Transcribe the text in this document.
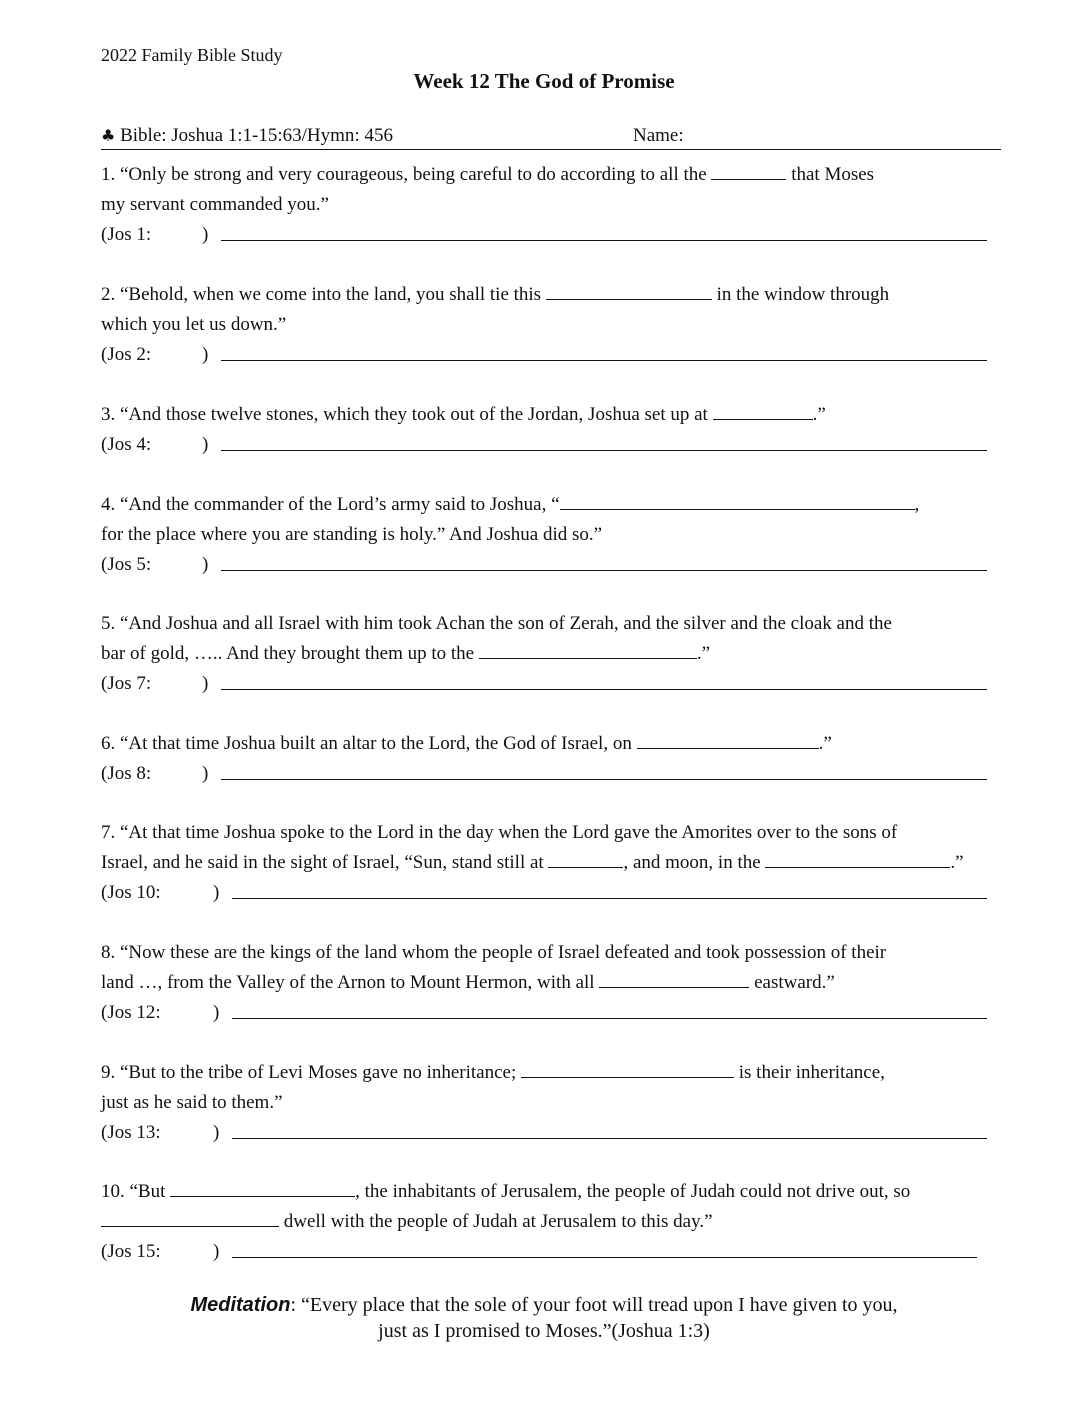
2022 Family Bible Study
Week 12 The God of Promise
♣ Bible: Joshua 1:1-15:63/Hymn: 456	Name:
1. “Only be strong and very courageous, being careful to do according to all the	that Moses
my servant commanded you.”
(Jos 1:	)
2. “Behold, when we come into the land, you shall tie this	in the window through
which you let us down.”
(Jos 2:	)
3. “And those twelve stones, which they took out of the Jordan, Joshua set up at	.”
(Jos 4:	)
4. “And the commander of the Lord’s army said to Joshua, “	,
for the place where you are standing is holy.” And Joshua did so.”
(Jos 5:	)
5. “And Joshua and all Israel with him took Achan the son of Zerah, and the silver and the cloak and the
bar of gold, ….. And they brought them up to the	.”
(Jos 7:	)
6. “At that time Joshua built an altar to the Lord, the God of Israel, on	.”
(Jos 8:	)
7. “At that time Joshua spoke to the Lord in the day when the Lord gave the Amorites over to the sons of
Israel, and he said in the sight of Israel, “Sun, stand still at	, and moon, in the	.”
(Jos 10:	)
8. “Now these are the kings of the land whom the people of Israel defeated and took possession of their
land …, from the Valley of the Arnon to Mount Hermon, with all	eastward.”
(Jos 12:	)
9. “But to the tribe of Levi Moses gave no inheritance;	is their inheritance,
just as he said to them.”
(Jos 13:	)
10. “But	, the inhabitants of Jerusalem, the people of Judah could not drive out, so
dwell with the people of Judah at Jerusalem to this day.”
(Jos 15:	)
Meditation: “Every place that the sole of your foot will tread upon I have given to you,
just as I promised to Moses.”(Joshua 1:3)
